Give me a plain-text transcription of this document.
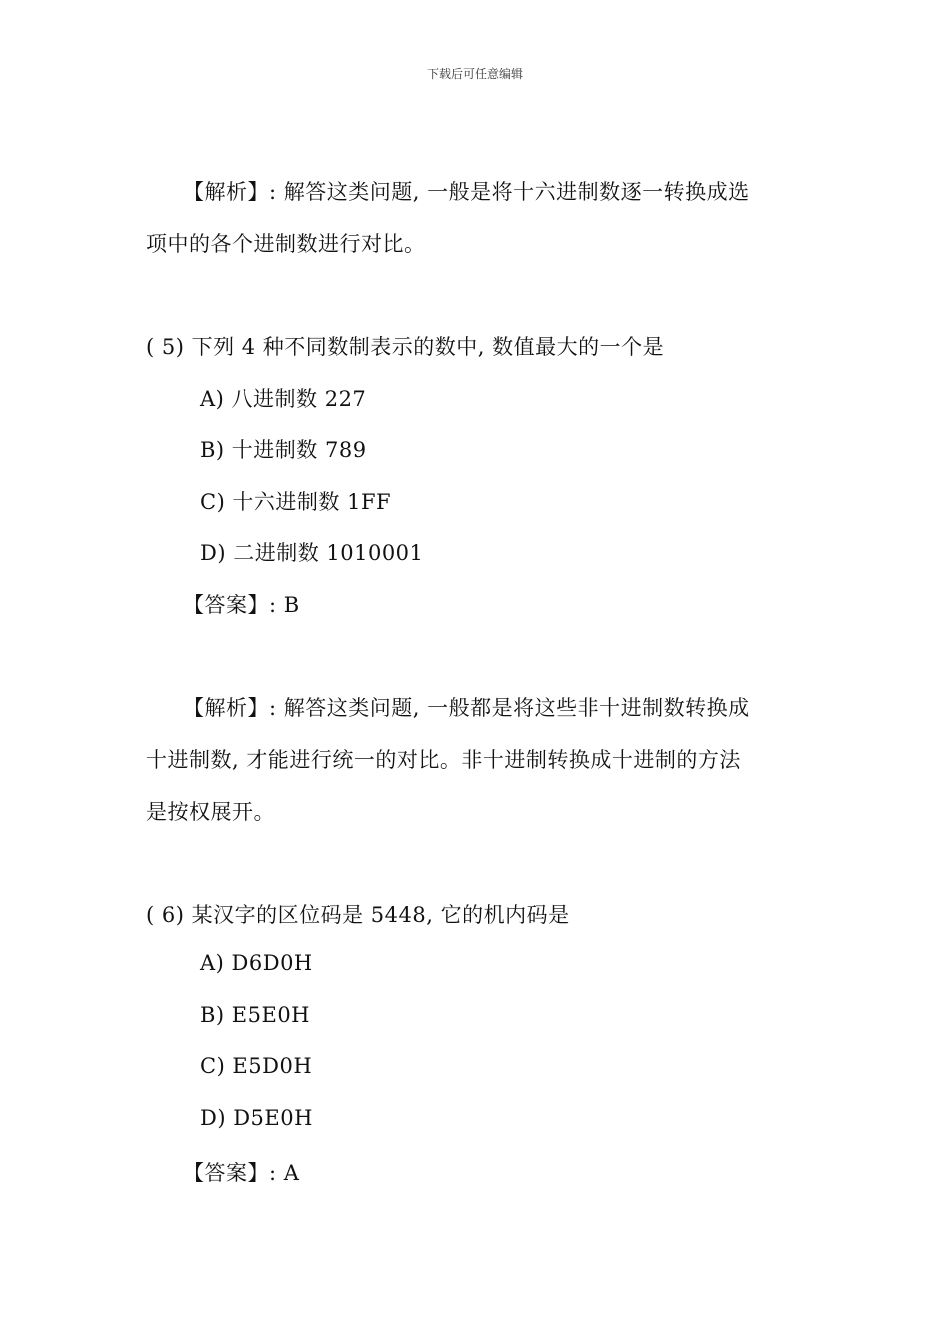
下载后可任意编辑
【解析】: 解答这类问题, 一般是将十六进制数逐一转换成选
项中的各个进制数进行对比。
( 5) 下列 4 种不同数制表示的数中, 数值最大的一个是
A) 八进制数 227
B) 十进制数 789
C) 十六进制数 1FF
D) 二进制数 1010001
【答案】: B
【解析】: 解答这类问题, 一般都是将这些非十进制数转换成
十进制数, 才能进行统一的对比。非十进制转换成十进制的方法
是按权展开。
( 6) 某汉字的区位码是 5448, 它的机内码是
A) D6D0H
B) E5E0H
C) E5D0H
D) D5E0H
【答案】: A
